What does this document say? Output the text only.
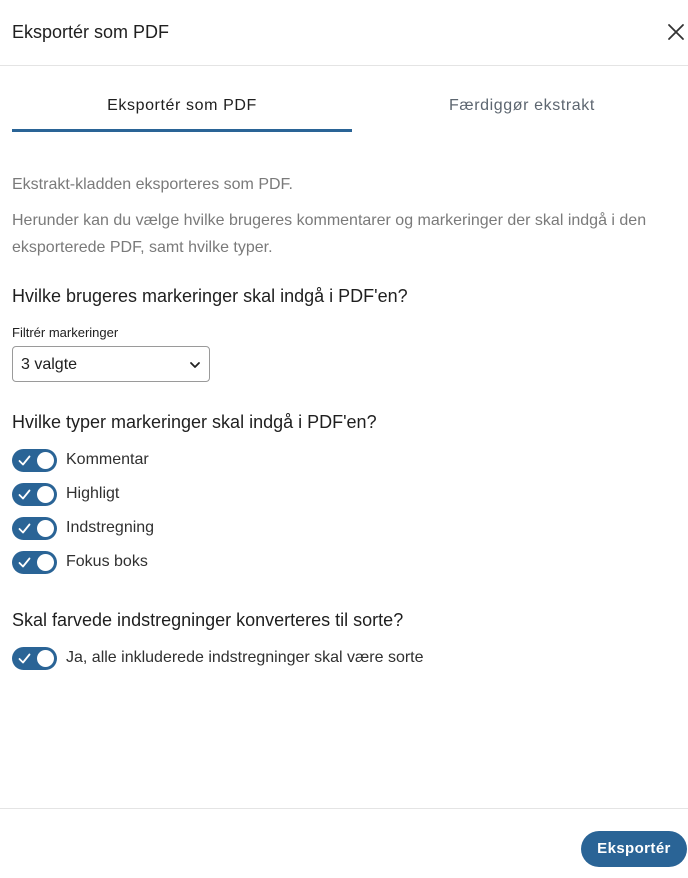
Eksportér som PDF
Eksportér som PDF	Færdiggør ekstrakt

Ekstrakt-kladden eksporteres som PDF.

Herunder kan du vælge hvilke brugeres kommentarer og markeringer der skal indgå i den eksporterede PDF, samt hvilke typer.

Hvilke brugeres markeringer skal indgå i PDF'en?
Filtrér markeringer
3 valgte
Hvilke typer markeringer skal indgå i PDF'en?
Kommentar
Highligt
Indstregning
Fokus boks
Skal farvede indstregninger konverteres til sorte?
Ja, alle inkluderede indstregninger skal være sorte
Eksportér
